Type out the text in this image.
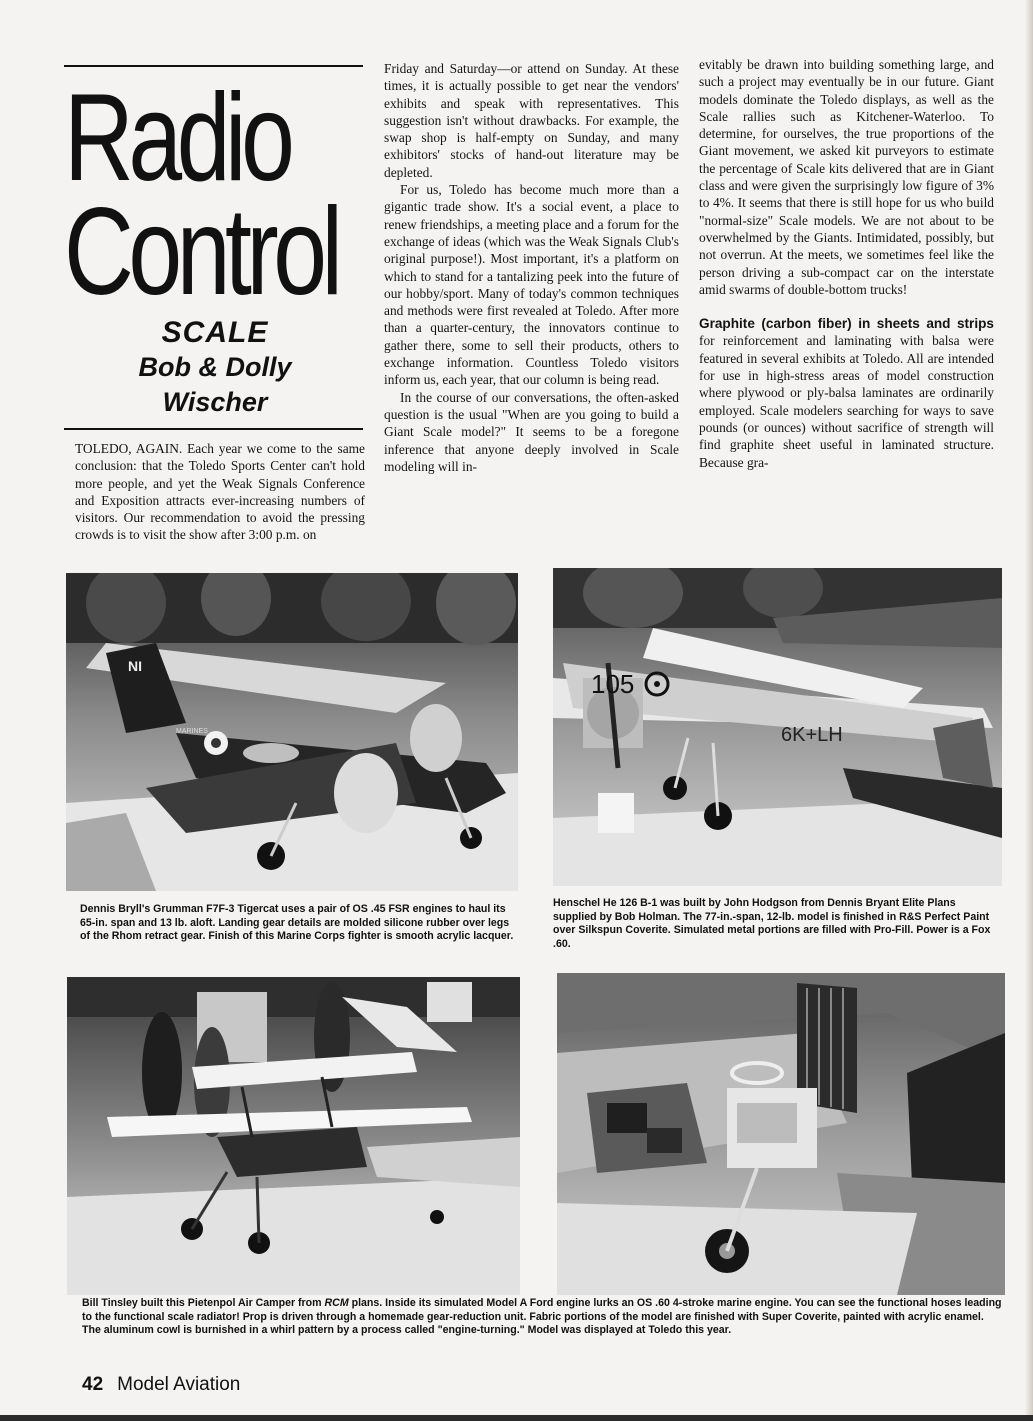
Radio
Control
SCALE
Bob & Dolly
Wischer

TOLEDO, AGAIN. Each year we come to the same conclusion: that the Toledo Sports Center can't hold more people, and yet the Weak Signals Conference and Exposition attracts ever-increasing numbers of visitors. Our recommendation to avoid the pressing crowds is to visit the show after 3:00 p.m. on

Friday and Saturday—or attend on Sunday. At these times, it is actually possible to get near the vendors' exhibits and speak with representatives. This suggestion isn't without drawbacks. For example, the swap shop is half-empty on Sunday, and many exhibitors' stocks of hand-out literature may be depleted.

For us, Toledo has become much more than a gigantic trade show. It's a social event, a place to renew friendships, a meeting place and a forum for the exchange of ideas (which was the Weak Signals Club's original purpose!). Most important, it's a platform on which to stand for a tantalizing peek into the future of our hobby/sport. Many of today's common techniques and methods were first revealed at Toledo. After more than a quarter-century, the innovators continue to gather there, some to sell their products, others to exchange information. Countless Toledo visitors inform us, each year, that our column is being read.

In the course of our conversations, the often-asked question is the usual "When are you going to build a Giant Scale model?" It seems to be a foregone inference that anyone deeply involved in Scale modeling will in-

evitably be drawn into building something large, and such a project may eventually be in our future. Giant models dominate the Toledo displays, as well as the Scale rallies such as Kitchener-Waterloo. To determine, for ourselves, the true proportions of the Giant movement, we asked kit purveyors to estimate the percentage of Scale kits delivered that are in Giant class and were given the surprisingly low figure of 3% to 4%. It seems that there is still hope for us who build "normal-size" Scale models. We are not about to be overwhelmed by the Giants. Intimidated, possibly, but not overrun. At the meets, we sometimes feel like the person driving a sub-compact car on the interstate amid swarms of double-bottom trucks!

Graphite (carbon fiber) in sheets and strips for reinforcement and laminating with balsa were featured in several exhibits at Toledo. All are intended for use in high-stress areas of model construction where plywood or ply-balsa laminates are ordinarily employed. Scale modelers searching for ways to save pounds (or ounces) without sacrifice of strength will find graphite sheet useful in laminated structure. Because gra-

NI
MARINES
105
6K+LH

Dennis Bryll's Grumman F7F-3 Tigercat uses a pair of OS .45 FSR engines to haul its 65-in. span and 13 lb. aloft. Landing gear details are molded silicone rubber over legs of the Rhom retract gear. Finish of this Marine Corps fighter is smooth acrylic lacquer.

Henschel He 126 B-1 was built by John Hodgson from Dennis Bryant Elite Plans supplied by Bob Holman. The 77-in.-span, 12-lb. model is finished in R&S Perfect Paint over Silkspun Coverite. Simulated metal portions are filled with Pro-Fill. Power is a Fox .60.

Bill Tinsley built this Pietenpol Air Camper from RCM plans. Inside its simulated Model A Ford engine lurks an OS .60 4-stroke marine engine. You can see the functional hoses leading to the functional scale radiator! Prop is driven through a homemade gear-reduction unit. Fabric portions of the model are finished with Super Coverite, painted with acrylic enamel. The aluminum cowl is burnished in a whirl pattern by a process called "engine-turning." Model was displayed at Toledo this year.

42 Model Aviation
